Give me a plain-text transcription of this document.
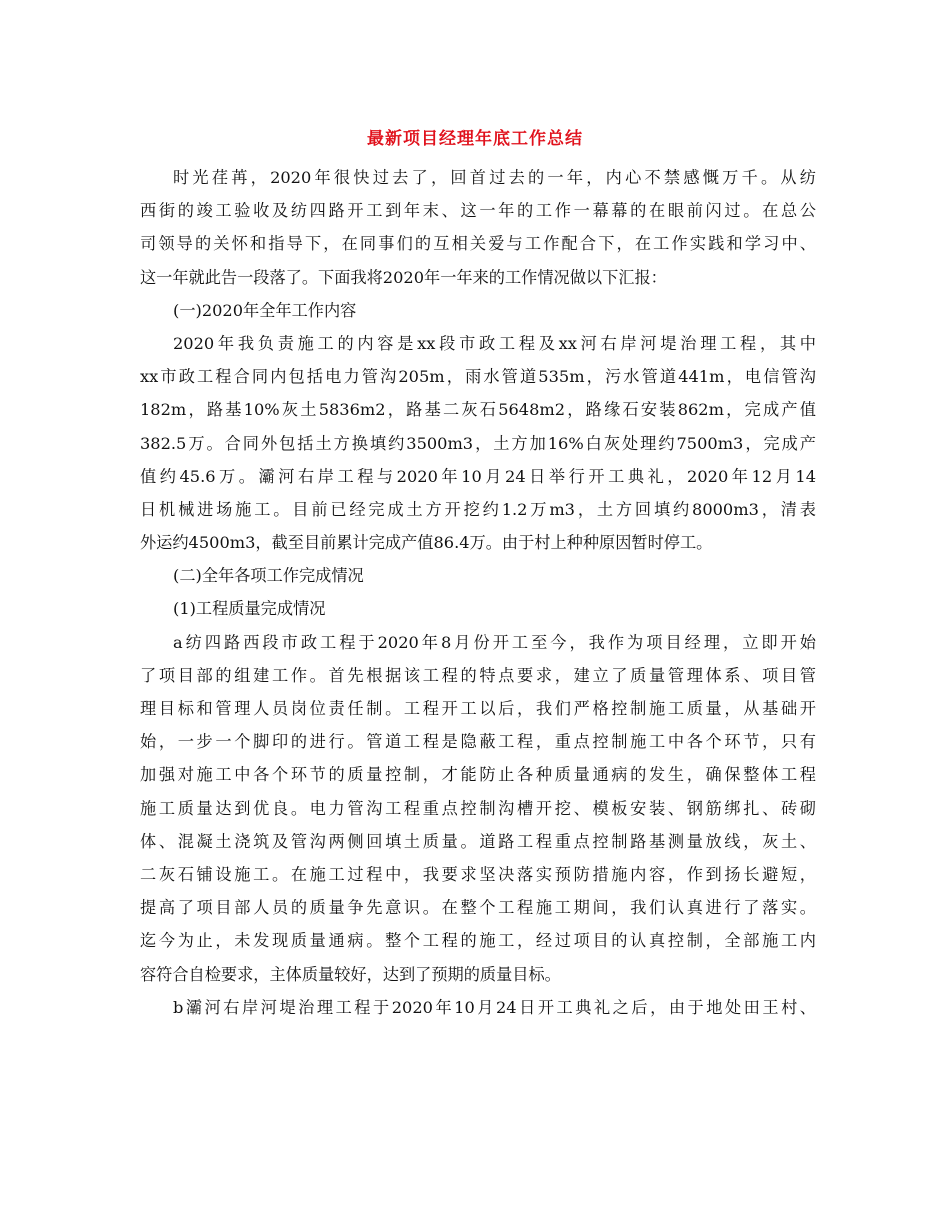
最新项目经理年底工作总结
时光荏苒，2020年很快过去了，回首过去的一年，内心不禁感慨万千。从纺
西街的竣工验收及纺四路开工到年末、这一年的工作一幕幕的在眼前闪过。在总公
司领导的关怀和指导下，在同事们的互相关爱与工作配合下，在工作实践和学习中、
这一年就此告一段落了。下面我将2020年一年来的工作情况做以下汇报：
(一)2020年全年工作内容
2020年我负责施工的内容是xx段市政工程及xx河右岸河堤治理工程，其中
xx市政工程合同内包括电力管沟205m，雨水管道535m，污水管道441m，电信管沟
182m，路基10%灰土5836m2，路基二灰石5648m2，路缘石安装862m，完成产值
382.5万。合同外包括土方换填约3500m3，土方加16%白灰处理约7500m3，完成产
值约45.6万。灞河右岸工程与2020年10月24日举行开工典礼，2020年12月14
日机械进场施工。目前已经完成土方开挖约1.2万m3，土方回填约8000m3，清表
外运约4500m3，截至目前累计完成产值86.4万。由于村上种种原因暂时停工。
(二)全年各项工作完成情况
(1)工程质量完成情况
a纺四路西段市政工程于2020年8月份开工至今，我作为项目经理，立即开始
了项目部的组建工作。首先根据该工程的特点要求，建立了质量管理体系、项目管
理目标和管理人员岗位责任制。工程开工以后，我们严格控制施工质量，从基础开
始，一步一个脚印的进行。管道工程是隐蔽工程，重点控制施工中各个环节，只有
加强对施工中各个环节的质量控制，才能防止各种质量通病的发生，确保整体工程
施工质量达到优良。电力管沟工程重点控制沟槽开挖、模板安装、钢筋绑扎、砖砌
体、混凝土浇筑及管沟两侧回填土质量。道路工程重点控制路基测量放线，灰土、
二灰石铺设施工。在施工过程中，我要求坚决落实预防措施内容，作到扬长避短，
提高了项目部人员的质量争先意识。在整个工程施工期间，我们认真进行了落实。
迄今为止，未发现质量通病。整个工程的施工，经过项目的认真控制，全部施工内
容符合自检要求，主体质量较好，达到了预期的质量目标。
b灞河右岸河堤治理工程于2020年10月24日开工典礼之后，由于地处田王村、
